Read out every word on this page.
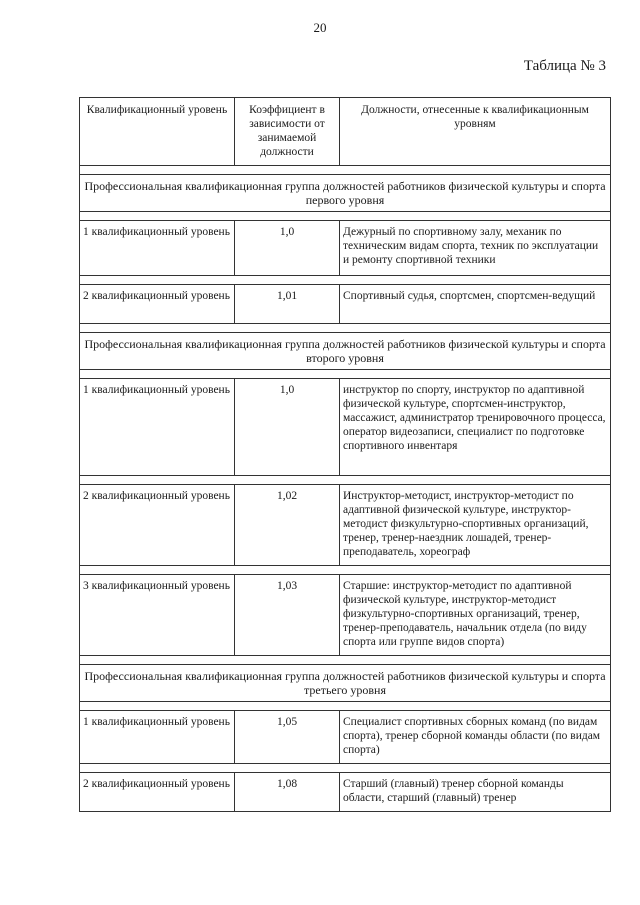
20
Таблица № 3
Квалификационный уровень	Коэффициент в зависимости от занимаемой должности	Должности, отнесенные к квалификационным уровням

Профессиональная квалификационная группа должностей работников физической культуры и спорта первого уровня		

1 квалификационный уровень	1,0	Дежурный по спортивному залу, механик по техническим видам спорта, техник по эксплуатации и ремонту спортивной техники

2 квалификационный уровень	1,01	Спортивный судья, спортсмен, спортсмен-ведущий

Профессиональная квалификационная группа должностей работников физической культуры и спорта второго уровня		

1 квалификационный уровень	1,0	инструктор по спорту, инструктор по адаптивной физической культуре, спортсмен-инструктор, массажист, администратор тренировочного процесса, оператор видеозаписи, специалист по подготовке спортивного инвентаря

2 квалификационный уровень	1,02	Инструктор-методист, инструктор-методист по адаптивной физической культуре, инструктор-методист физкультурно-спортивных организаций, тренер, тренер-наездник лошадей, тренер-преподаватель, хореограф

3 квалификационный уровень	1,03	Старшие: инструктор-методист по адаптивной физической культуре, инструктор-методист физкультурно-спортивных организаций, тренер, тренер-преподаватель, начальник отдела (по виду спорта или группе видов спорта)

Профессиональная квалификационная группа должностей работников физической культуры и спорта третьего уровня		

1 квалификационный уровень	1,05	Специалист спортивных сборных команд (по видам спорта), тренер сборной команды области (по видам спорта)

2 квалификационный уровень	1,08	Старший (главный) тренер сборной команды области, старший (главный) тренер
